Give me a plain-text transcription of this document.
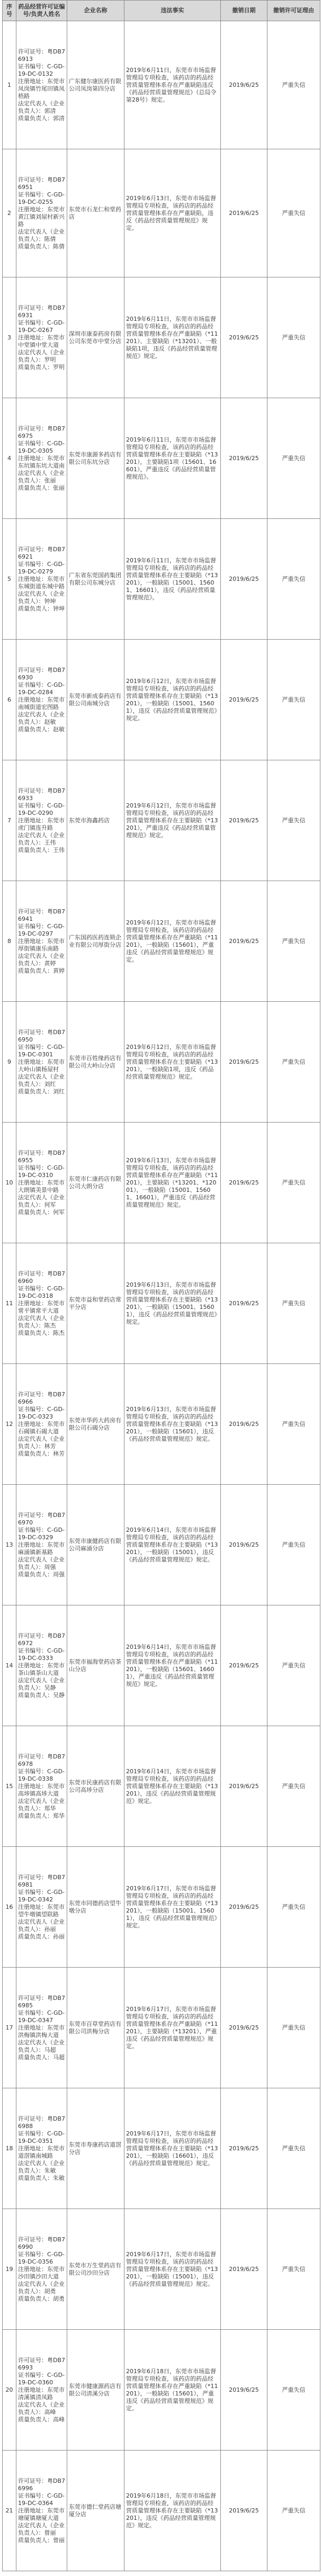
序号	药品经营许可证编号/负责人姓名	企业名称	违法事实	撤销日期	撤销许可证理由
1	许可证号：粤DB76913
证书编号：C-GD-19-DC-0132
注册地址：东莞市凤岗镇竹尾田镇凤梧路
法定代表人（企业负责人）：郭清
质量负责人：郭清	广东健尔康医药有限公司凤岗第四分店	2019年6月11日，东莞市市场监督管理局专项检查，该药店的药品经营质量管理体系存在严重缺陷违反《药品经营质量管理规范》（总局令第28号）规定。	2019/6/25	严重失信
2	许可证号：粤DB76951
证书编号：C-GD-19-DC-0255
注册地址：东莞市黄江镇刘屋村新兴路
法定代表人（企业负责人）：陈倩
质量负责人：陈倩	东莞市石龙仁和堂药店	2019年6月13日，东莞市市场监督管理局专项检查，该药店的药品经营质量管理体系存在严重缺陷，违反《药品经营质量管理规范》规定。	2019/6/25	严重失信
3	许可证号：粤DB76931
证书编号：C-GD-19-DC-0267
注册地址：东莞市中堂镇中堂大道
法定代表人（企业负责人）：罗明
质量负责人：罗明	深圳市康泰药房有限公司东莞市中堂分店	2019年6月11日，东莞市市场监督管理局专项检查，该药店的药品经营质量管理体系存在严重缺陷（*11201）、主要缺陷（*13201）、一般缺陷1项，违反《药品经营质量管理规范》规定。	2019/6/25	严重失信
4	许可证号：粤DB76975
证书编号：C-GD-19-DC-0305
注册地址：东莞市东坑镇东坑大道南
法定代表人（企业负责人）：张丽
质量负责人：张丽	东莞市康源多药店有限公司东坑分店	2019年6月11日，东莞市市场监督管理局专项检查，该药店的药品经营质量管理体系存在主要缺陷（*13201），主要缺陷1项（15601、16601），严重违反《药品经营质量管理规范》。	2019/6/25	严重失信
5	许可证号：粤DB76921
证书编号：C-GD-19-DC-0279
注册地址：东莞市东城街道东城中路
法定代表人（企业负责人）：钟坤
质量负责人：钟坤	广东省东莞国药集团有限公司东城分店	2019年6月11日，东莞市市场监督管理局专项检查，该药店的药品经营质量管理体系存在主要缺陷（*13201），一般缺陷（15001、15601、16601），违反《药品经营质量管理规范》。	2019/6/25	严重失信
6	许可证号：粤DB76930
证书编号：C-GD-19-DC-0284
注册地址：东莞市南城街道宏图路
法定代表人（企业负责人）：赵敏
质量负责人：赵敏	东莞市新成泰药店有限公司南城分店	2019年6月12日，东莞市市场监督管理局专项检查，该药店的药品经营质量管理体系存在主要缺陷（*13201），一般缺陷（15001、15601），违反《药品经营质量管理规范》规定。	2019/6/25	严重失信
7	许可证号：粤DB76933
证书编号：C-GD-19-DC-0290
注册地址：东莞市虎门镇连升路
法定代表人（企业负责人）：王伟
质量负责人：王伟	东莞市海鑫药店	2019年6月12日，东莞市市场监督管理局专项检查，该药店的药品经营质量管理体系存在主要缺陷（*13201），严重违反《药品经营质量管理规范》规定。	2019/6/25	严重失信
8	许可证号：粤DB76941
证书编号：C-GD-19-DC-0297
注册地址：东莞市厚街镇康乐南路
法定代表人（企业负责人）：黄婷
质量负责人：黄婷	广东国药医药连锁企业有限公司厚街分店	2019年6月12日，东莞市市场监督管理局专项检查，该药店的药品经营质量管理体系存在严重缺陷（*11201），一般缺陷（15601），严重违反《药品经营质量管理规范》规定。	2019/6/25	严重失信
9	许可证号：粤DB76950
证书编号：C-GD-19-DC-0301
注册地址：东莞市大岭山镇杨屋村
法定代表人（企业负责人）：刘红
质量负责人：刘红	东莞市百姓缘药店有限公司大岭山分店	2019年6月12日，东莞市市场监督管理局专项检查，该药店的药品经营质量管理体系存在主要缺陷（*13201），一般缺陷1项，违反《药品经营质量管理规范》规定。	2019/6/25	严重失信
10	许可证号：粤DB76955
证书编号：C-GD-19-DC-0310
注册地址：东莞市大朗镇美景中路
法定代表人（企业负责人）：何军
质量负责人：何军	东莞市仁康药店有限公司大朗分店	2019年6月13日，东莞市市场监督管理局专项检查，该药店的药品经营质量管理体系存在严重缺陷（*11201），主要缺陷（*13201、*12001），一般缺陷（15001、15601、16601），严重违反《药品经营质量管理规范》规定。	2019/6/25	严重失信
11	许可证号：粤DB76960
证书编号：C-GD-19-DC-0318
注册地址：东莞市常平镇常平大道
法定代表人（企业负责人）：陈杰
质量负责人：陈杰	东莞市益和堂药店常平分店	2019年6月13日，东莞市市场监督管理局专项检查，该药店的药品经营质量管理体系存在主要缺陷（*13201），一般缺陷（15001、15601），违反《药品经营质量管理规范》规定。	2019/6/25	严重失信
12	许可证号：粤DB76966
证书编号：C-GD-19-DC-0323
注册地址：东莞市石碣镇石碣大道
法定代表人（企业负责人）：林芳
质量负责人：林芳	东莞市华药大药房有限公司石碣分店	2019年6月13日，东莞市市场监督管理局专项检查，该药店的药品经营质量管理体系存在主要缺陷（*13201），一般缺陷（15601），违反《药品经营质量管理规范》规定。	2019/6/25	严重失信
13	许可证号：粤DB76970
证书编号：C-GD-19-DC-0329
注册地址：东莞市麻涌镇新基路
法定代表人（企业负责人）：周强
质量负责人：周强	东莞市康健药店有限公司麻涌分店	2019年6月14日，东莞市市场监督管理局专项检查，该药店的药品经营质量管理体系存在主要缺陷（*13201），一般缺陷（15001），违反《药品经营质量管理规范》规定。	2019/6/25	严重失信
14	许可证号：粤DB76972
证书编号：C-GD-19-DC-0333
注册地址：东莞市茶山镇茶山大道
法定代表人（企业负责人）：吴静
质量负责人：吴静	东莞市福海堂药店茶山分店	2019年6月14日，东莞市市场监督管理局专项检查，该药店的药品经营质量管理体系存在严重缺陷（*11201），一般缺陷（15601、16601），严重违反《药品经营质量管理规范》规定。	2019/6/25	严重失信
15	许可证号：粤DB76978
证书编号：C-GD-19-DC-0338
注册地址：东莞市高埗镇高埗大道
法定代表人（企业负责人）：郑华
质量负责人：郑华	东莞市民康药店有限公司高埗分店	2019年6月14日，东莞市市场监督管理局专项检查，该药店的药品经营质量管理体系存在主要缺陷（*13201），违反《药品经营质量管理规范》规定。	2019/6/25	严重失信
16	许可证号：粤DB76981
证书编号：C-GD-19-DC-0342
注册地址：东莞市望牛墩镇望联路
法定代表人（企业负责人）：孙丽
质量负责人：孙丽	东莞市同德药店望牛墩分店	2019年6月17日，东莞市市场监督管理局专项检查，该药店的药品经营质量管理体系存在主要缺陷（*13201），一般缺陷（15001、15601），违反《药品经营质量管理规范》规定。	2019/6/25	严重失信
17	许可证号：粤DB76985
证书编号：C-GD-19-DC-0347
注册地址：东莞市洪梅镇洪梅大道
法定代表人（企业负责人）：马超
质量负责人：马超	东莞市百草堂药店有限公司洪梅分店	2019年6月17日，东莞市市场监督管理局专项检查，该药店的药品经营质量管理体系存在严重缺陷（*11201），主要缺陷（*13201），严重违反《药品经营质量管理规范》规定。	2019/6/25	严重失信
18	许可证号：粤DB76988
证书编号：C-GD-19-DC-0351
注册地址：东莞市道滘镇南城路
法定代表人（企业负责人）：朱敏
质量负责人：朱敏	东莞市寿康药店道滘分店	2019年6月17日，东莞市市场监督管理局专项检查，该药店的药品经营质量管理体系存在主要缺陷（*13201），一般缺陷（16601），违反《药品经营质量管理规范》规定。	2019/6/25	严重失信
19	许可证号：粤DB76990
证书编号：C-GD-19-DC-0356
注册地址：东莞市沙田镇沙田大道
法定代表人（企业负责人）：胡勇
质量负责人：胡勇	东莞市万生堂药店有限公司沙田分店	2019年6月17日，东莞市市场监督管理局专项检查，该药店的药品经营质量管理体系存在主要缺陷（*13201），一般缺陷（15001），违反《药品经营质量管理规范》规定。	2019/6/25	严重失信
20	许可证号：粤DB76993
证书编号：C-GD-19-DC-0360
注册地址：东莞市清溪镇清凤路
法定代表人（企业负责人）：高峰
质量负责人：高峰	东莞市健康源药店有限公司清溪分店	2019年6月18日，东莞市市场监督管理局专项检查，该药店的药品经营质量管理体系存在严重缺陷（*11201），一般缺陷（15601），严重违反《药品经营质量管理规范》规定。	2019/6/25	严重失信
21	许可证号：粤DB76996
证书编号：C-GD-19-DC-0364
注册地址：东莞市塘厦镇塘厦大道
法定代表人（企业负责人）：曾丽
质量负责人：曾丽	东莞市德仁堂药店塘厦分店	2019年6月18日，东莞市市场监督管理局专项检查，该药店的药品经营质量管理体系存在主要缺陷（*13201），违反《药品经营质量管理规范》规定。	2019/6/25	严重失信
